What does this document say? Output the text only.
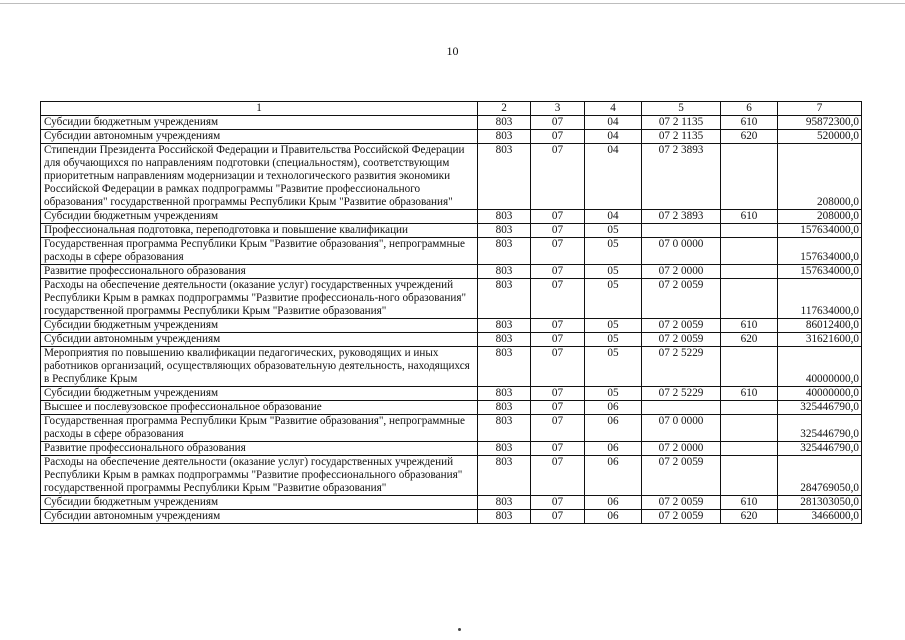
10
1	2	3	4	5	6	7
Субсидии бюджетным учреждениям	803	07	04	07 2 1135	610	95872300,0
Субсидии автономным учреждениям	803	07	04	07 2 1135	620	520000,0
Стипендии Президента Российской Федерации и Правительства Российской Федерации для обучающихся по направлениям подготовки (специальностям), соответствующим приоритетным направлениям модернизации и технологического развития экономики Российской Федерации в рамках подпрограммы "Развитие профессионального образования" государственной программы Республики Крым "Развитие образования"	803	07	04	07 2 3893		208000,0
Субсидии бюджетным учреждениям	803	07	04	07 2 3893	610	208000,0
Профессиональная подготовка, переподготовка и повышение квалификации	803	07	05			157634000,0
Государственная программа Республики Крым "Развитие образования", непрограммные расходы в сфере образования	803	07	05	07 0 0000		157634000,0
Развитие профессионального образования	803	07	05	07 2 0000		157634000,0
Расходы на обеспечение деятельности (оказание услуг) государственных учреждений Республики Крым в рамках подпрограммы "Развитие профессиональ-ного образования" государственной программы Республики Крым "Развитие образования"	803	07	05	07 2 0059		117634000,0
Субсидии бюджетным учреждениям	803	07	05	07 2 0059	610	86012400,0
Субсидии автономным учреждениям	803	07	05	07 2 0059	620	31621600,0
Мероприятия по повышению квалификации педагогических, руководящих и иных работников организаций, осуществляющих образовательную деятельность, находящихся в Республике Крым	803	07	05	07 2 5229		40000000,0
Субсидии бюджетным учреждениям	803	07	05	07 2 5229	610	40000000,0
Высшее и послевузовское профессиональное образование	803	07	06			325446790,0
Государственная программа Республики Крым "Развитие образования", непрограммные расходы в сфере образования	803	07	06	07 0 0000		325446790,0
Развитие профессионального образования	803	07	06	07 2 0000		325446790,0
Расходы на обеспечение деятельности (оказание услуг) государственных учреждений Республики Крым в рамках подпрограммы "Развитие профессионального образования" государственной программы Республики Крым "Развитие образования"	803	07	06	07 2 0059		284769050,0
Субсидии бюджетным учреждениям	803	07	06	07 2 0059	610	281303050,0
Субсидии автономным учреждениям	803	07	06	07 2 0059	620	3466000,0
